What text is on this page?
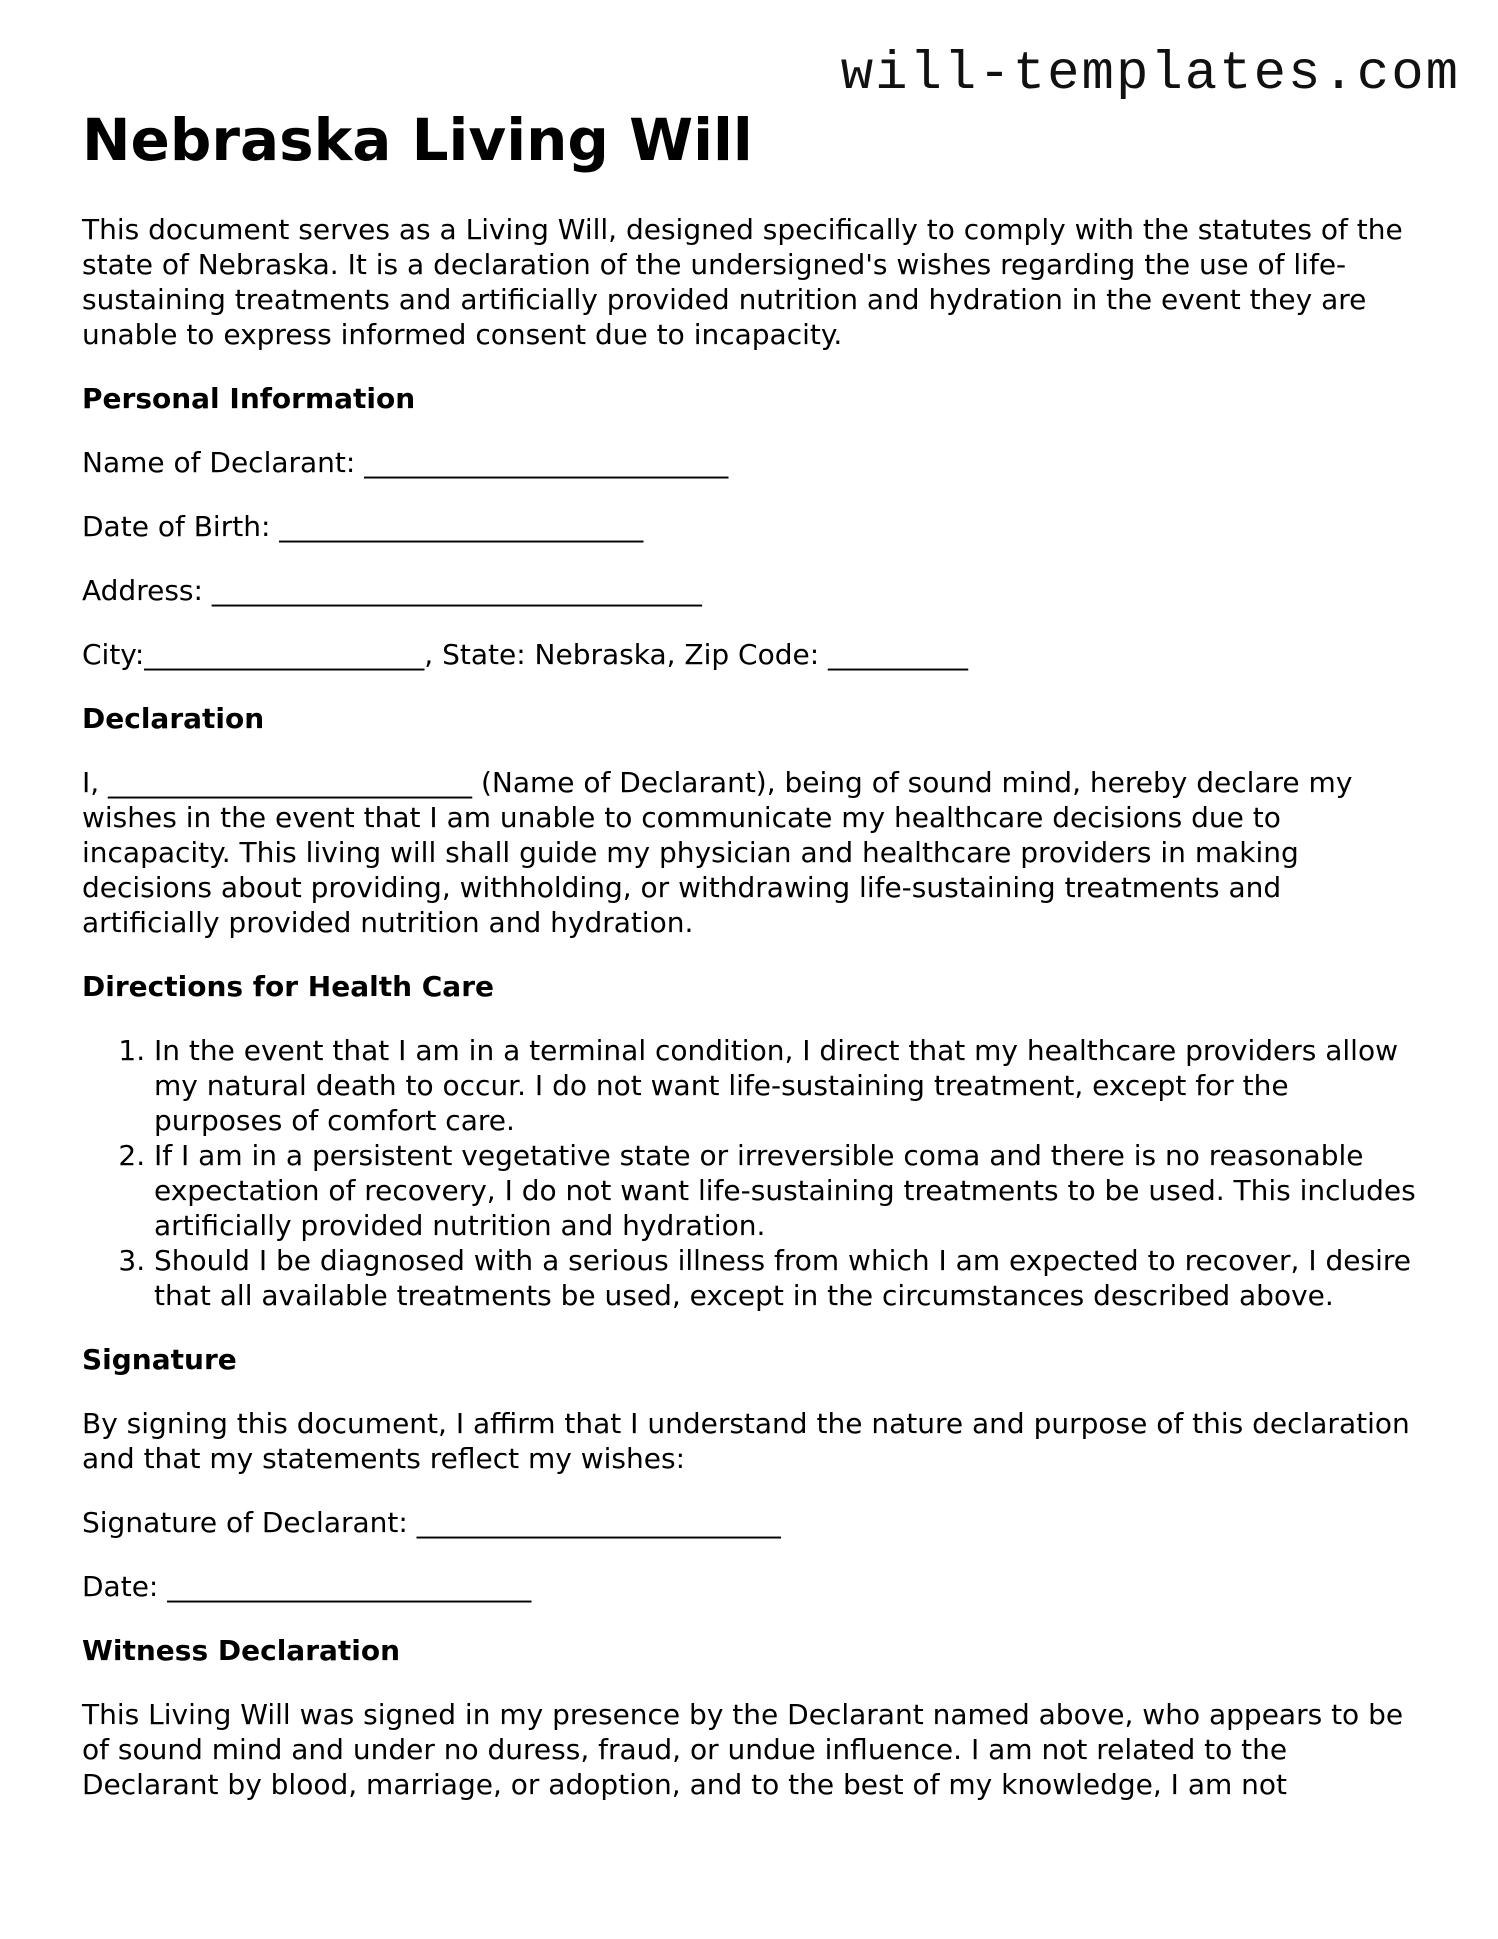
will-templates.com
Nebraska Living Will

This document serves as a Living Will, designed specifically to comply with the statutes of the state of Nebraska. It is a declaration of the undersigned's wishes regarding the use of life-sustaining treatments and artificially provided nutrition and hydration in the event they are unable to express informed consent due to incapacity.

Personal Information

Name of Declarant: __________________________

Date of Birth: __________________________

Address: ___________________________________

City:____________________, State: Nebraska, Zip Code: __________

Declaration

I, __________________________ (Name of Declarant), being of sound mind, hereby declare my wishes in the event that I am unable to communicate my healthcare decisions due to incapacity. This living will shall guide my physician and healthcare providers in making decisions about providing, withholding, or withdrawing life-sustaining treatments and artificially provided nutrition and hydration.

Directions for Health Care
1. In the event that I am in a terminal condition, I direct that my healthcare providers allow my natural death to occur. I do not want life-sustaining treatment, except for the purposes of comfort care.
2. If I am in a persistent vegetative state or irreversible coma and there is no reasonable expectation of recovery, I do not want life-sustaining treatments to be used. This includes artificially provided nutrition and hydration.
3. Should I be diagnosed with a serious illness from which I am expected to recover, I desire that all available treatments be used, except in the circumstances described above.
Signature

By signing this document, I affirm that I understand the nature and purpose of this declaration and that my statements reflect my wishes:

Signature of Declarant: __________________________

Date: __________________________

Witness Declaration

This Living Will was signed in my presence by the Declarant named above, who appears to be of sound mind and under no duress, fraud, or undue influence. I am not related to the Declarant by blood, marriage, or adoption, and to the best of my knowledge, I am not
